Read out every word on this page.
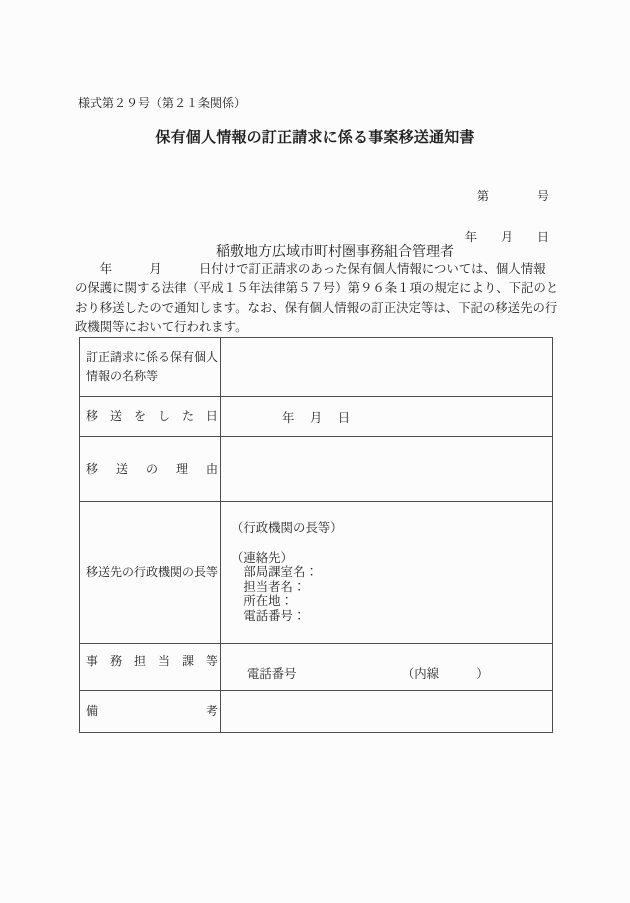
様式第２９号（第２１条関係）
保有個人情報の訂正請求に係る事案移送通知書

第　　　　号

年　　月　　日

稲敷地方広域市町村圏事務組合管理者

　　年　　　月　　　日付けで訂正請求のあった保有個人情報については、個人情報
の保護に関する法律（平成１５年法律第５７号）第９６条１項の規定により、下記のと
おり移送したので通知します。なお、保有個人情報の訂正決定等は、下記の移送先の行
政機関等において行われます。
訂正請求に係る保有個人情報の名称等
移 送 を し た 日	年　 月　 日
移 送 の 理 由
移送先の行政機関の長等
（行政機関の長等）
（連絡先）
　部局課室名：
　担当者名：
　所在地：
　電話番号：
事 務 担 当 課 等
電話番号　　　　　　　　　（内線　　　）
備	考
